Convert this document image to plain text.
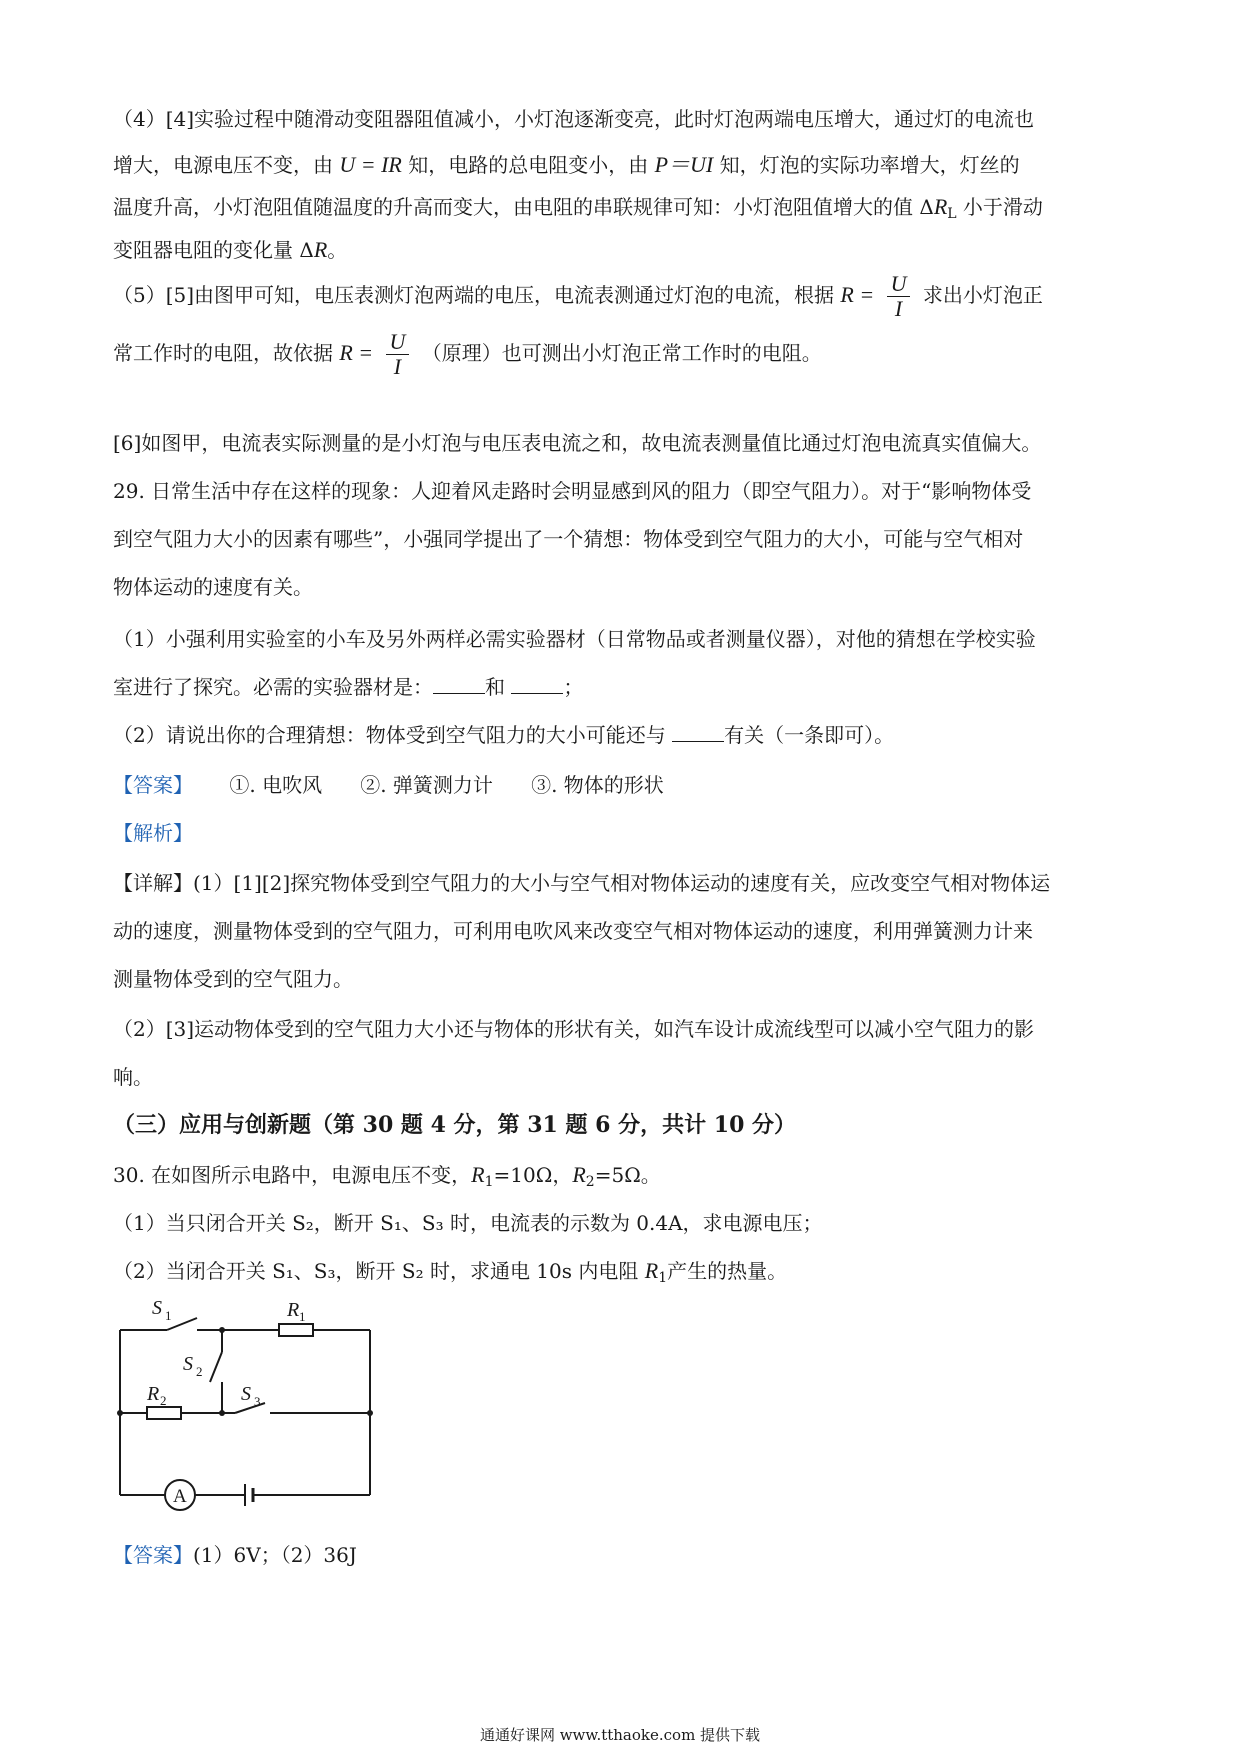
（4）[4]实验过程中随滑动变阻器阻值减小，小灯泡逐渐变亮，此时灯泡两端电压增大，通过灯的电流也
增大，电源电压不变，由 U = IR 知，电路的总电阻变小，由 P＝UI 知，灯泡的实际功率增大，灯丝的
温度升高，小灯泡阻值随温度的升高而变大，由电阻的串联规律可知：小灯泡阻值增大的值 $\Delta R_L$ 小于滑动
变阻器电阻的变化量 ΔR。
（5）[5]由图甲可知，电压表测灯泡两端的电压，电流表测通过灯泡的电流，根据 $R = \frac{U}{I}$ 求出小灯泡正
常工作时的电阻，故依据 $R = \frac{U}{I}$ （原理）也可测出小灯泡正常工作时的电阻。
[6]如图甲，电流表实际测量的是小灯泡与电压表电流之和，故电流表测量值比通过灯泡电流真实值偏大。
29. 日常生活中存在这样的现象：人迎着风走路时会明显感到风的阻力（即空气阻力）。对于“影响物体受
到空气阻力大小的因素有哪些”，小强同学提出了一个猜想：物体受到空气阻力的大小，可能与空气相对
物体运动的速度有关。
（1）小强利用实验室的小车及另外两样必需实验器材（日常物品或者测量仪器），对他的猜想在学校实验
室进行了探究。必需的实验器材是：	和	；
（2）请说出你的合理猜想：物体受到空气阻力的大小可能还与	有关（一条即可）。
【答案】 ①. 电吹风      ②. 弹簧测力计      ③. 物体的形状
【解析】
【详解】(1）[1][2]探究物体受到空气阻力的大小与空气相对物体运动的速度有关，应改变空气相对物体运
动的速度，测量物体受到的空气阻力，可利用电吹风来改变空气相对物体运动的速度，利用弹簧测力计来
测量物体受到的空气阻力。
（2）[3]运动物体受到的空气阻力大小还与物体的形状有关，如汽车设计成流线型可以减小空气阻力的影
响。
（三）应用与创新题（第 30 题 4 分，第 31 题 6 分，共计 10 分）
30. 在如图所示电路中，电源电压不变，$R_1=10\Omega$，$R_2=5\Omega$。
（1）当只闭合开关 S₂，断开 S₁、S₃ 时，电流表的示数为 0.4A，求电源电压；
（2）当闭合开关 S₁、S₃，断开 S₂ 时，求通电 10s 内电阻 $R_1$产生的热量。
S 1	R 1
S 2
R 2	S 3
A
【答案】(1）6V；（2）36J
通通好课网 www.tthaoke.com 提供下载
